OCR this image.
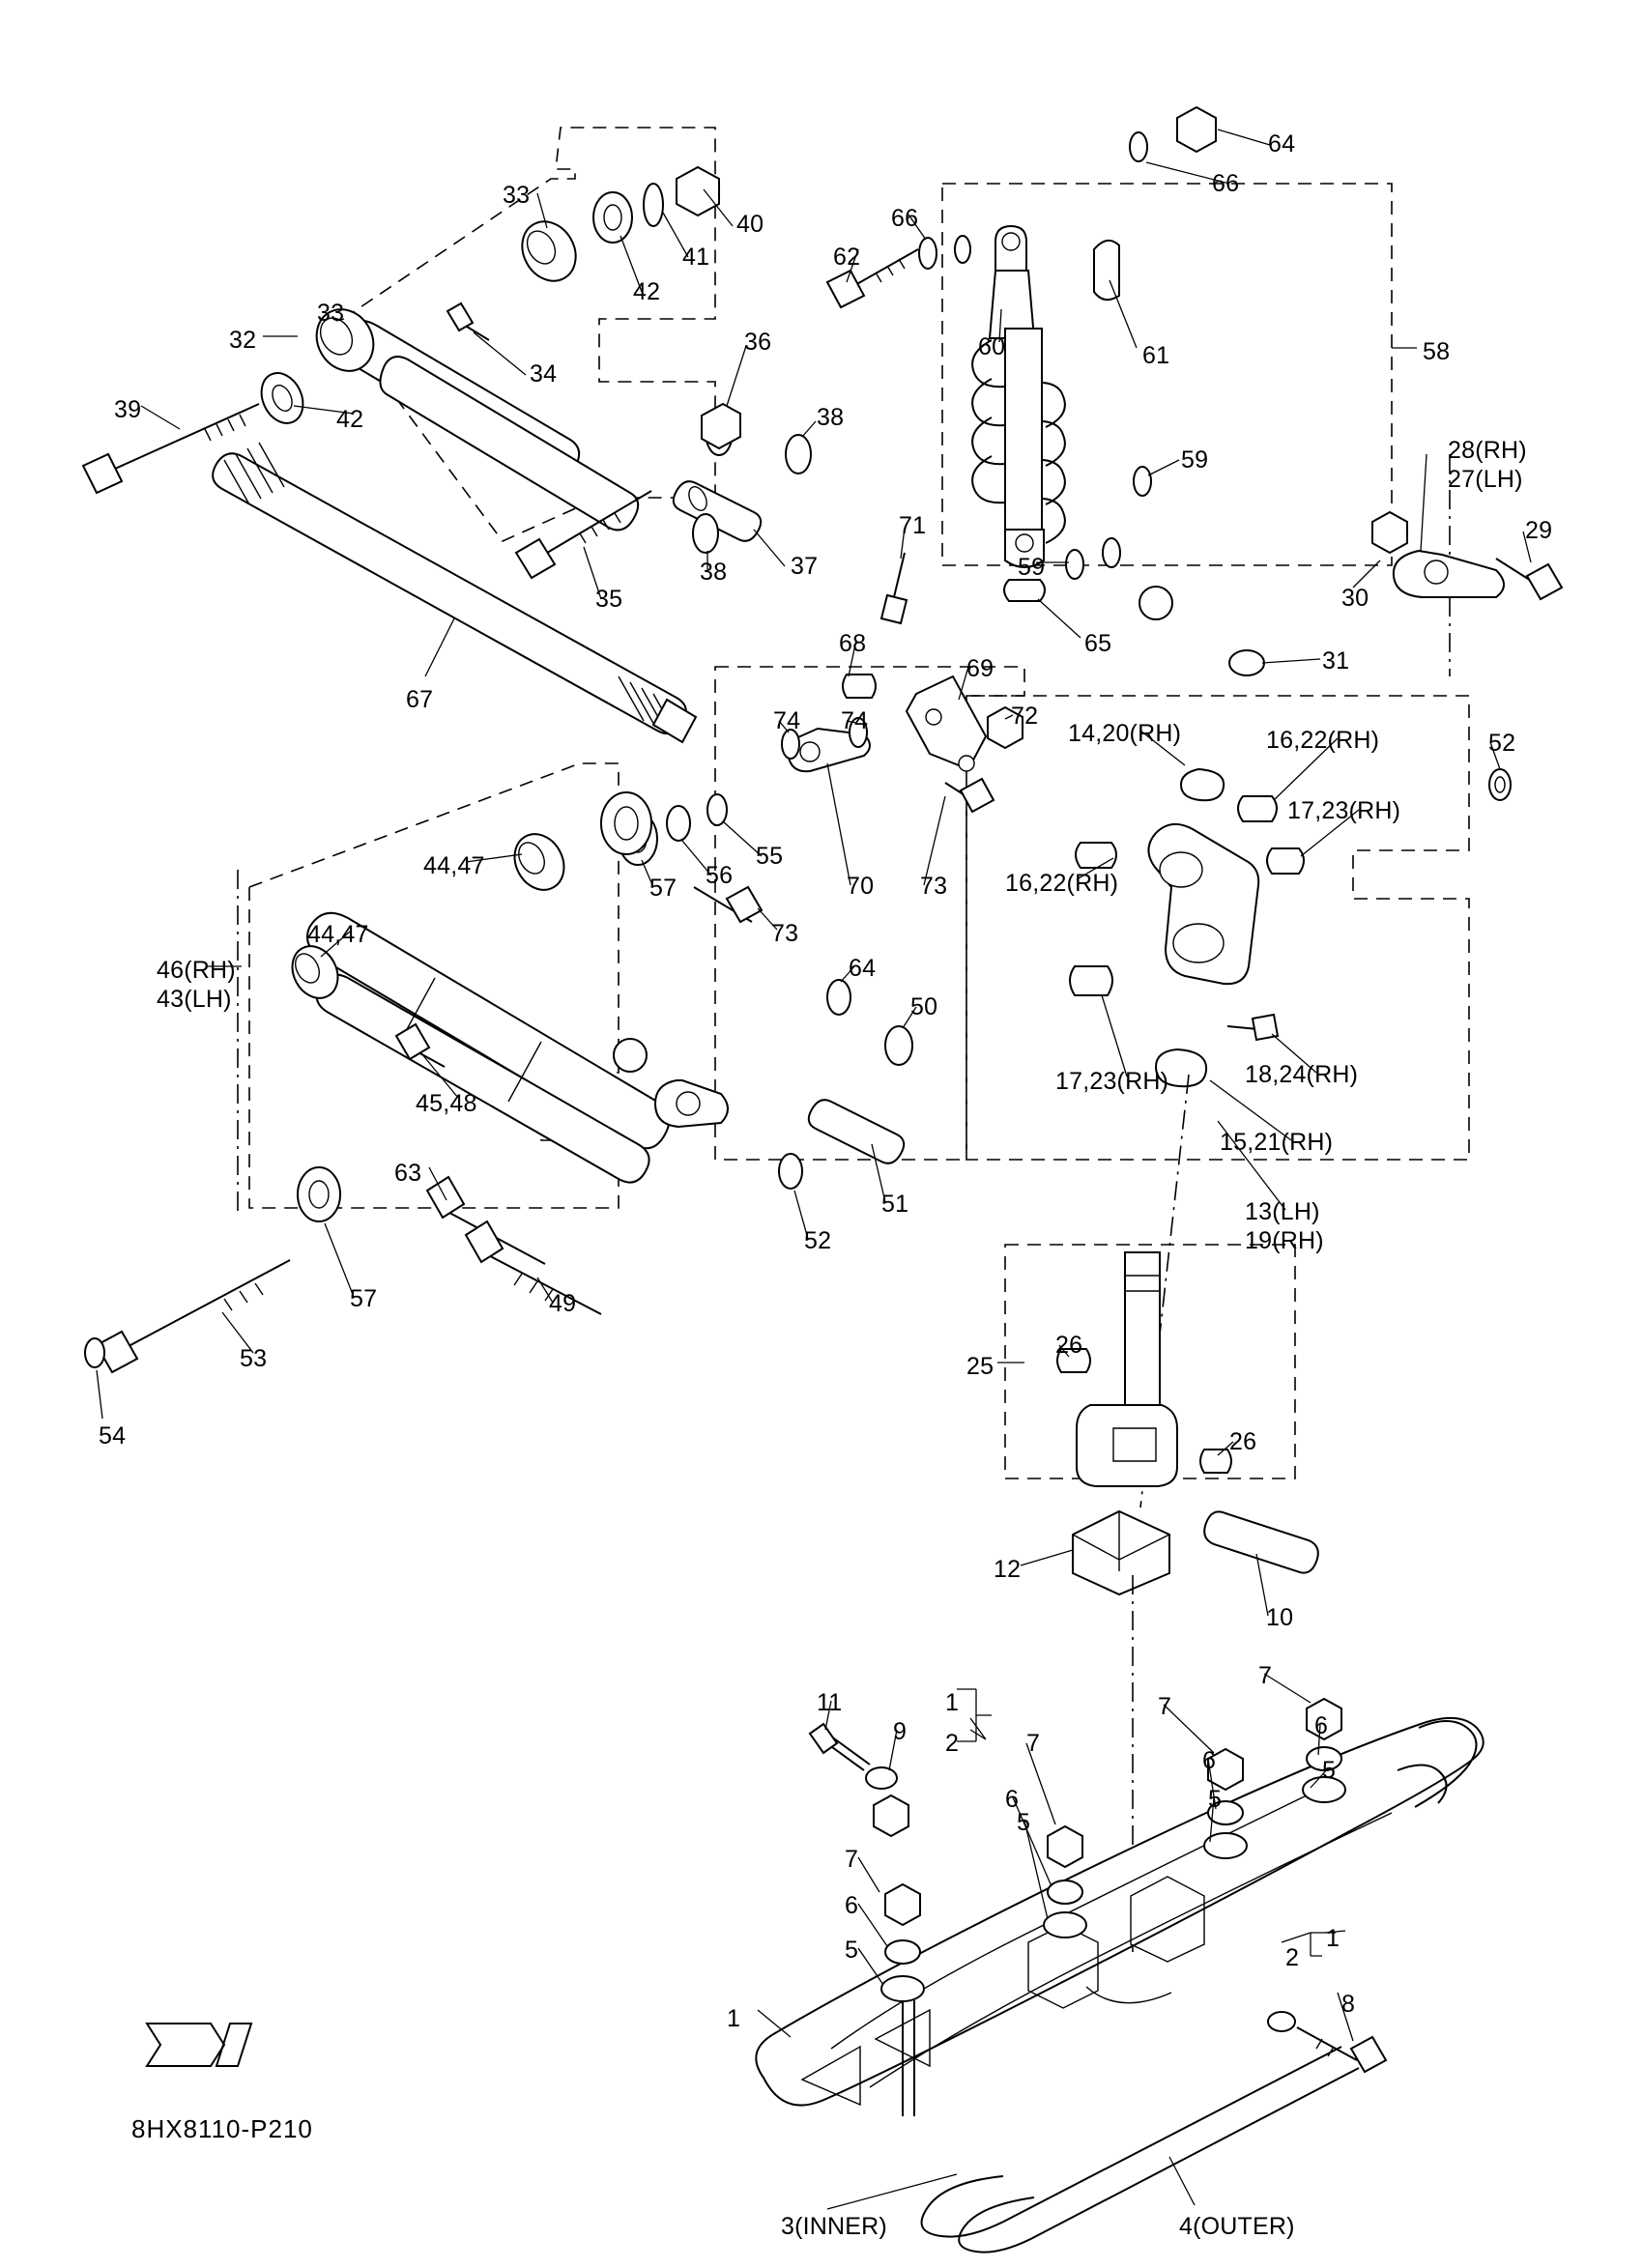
33
40
41
42
32
33
34
36
38
39	42
37
35
38
67
62
66
66
64
60	61	58
59
59
28(RH)
27(LH)
29
30
65
71
68
69
72
31
14,20(RH)	16,22(RH)	52
17,23(RH)
74 74
44,47
57 56
55
70 73 16,22(RH)
44,47
46(RH)
43(LH)
73
64
50
45,48
17,23(RH)	18,24(RH)
15,21(RH)
63
52
51	13(LH)
19(RH)
57	49
53
54
25
26
26
12
10
11
9
1
2	7
6
5
7
6
5
7
6
5
7
6
5
1
2
1
8
3(INNER)	4(OUTER)
FWD
8HX8110-P210
